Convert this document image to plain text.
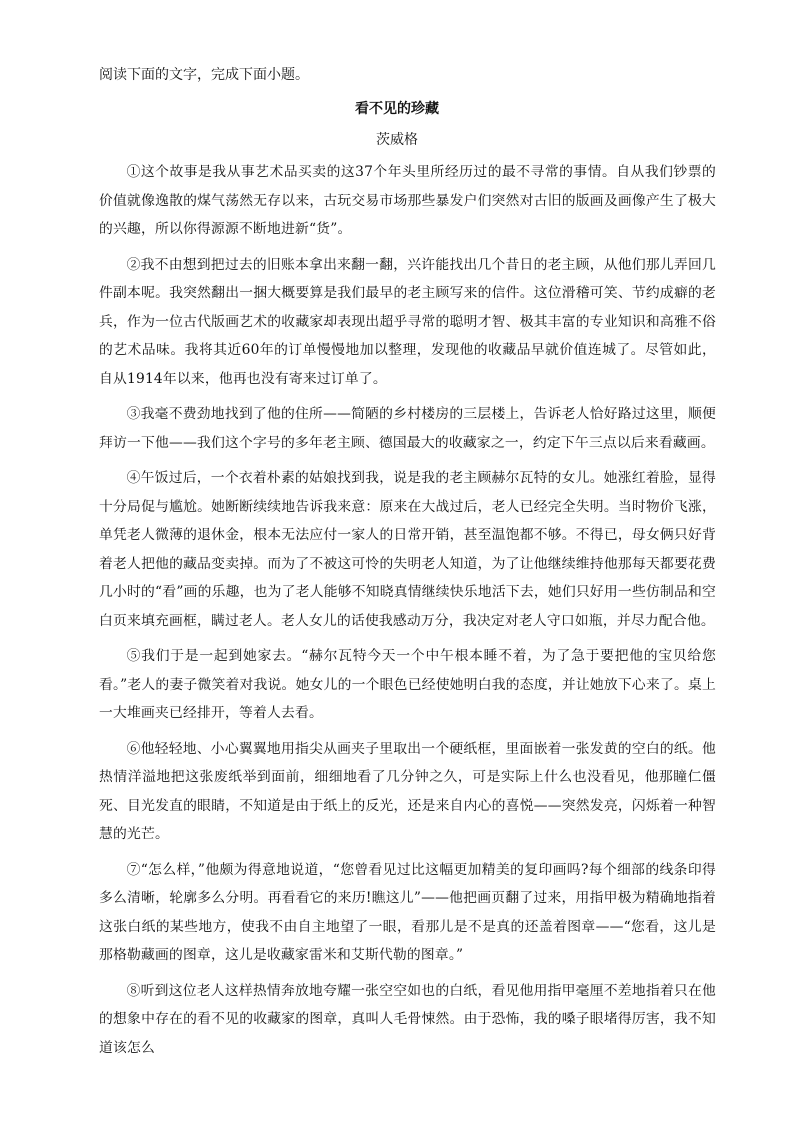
阅读下面的文字，完成下面小题。
看不见的珍藏
茨威格

①这个故事是我从事艺术品买卖的这37个年头里所经历过的最不寻常的事情。自从我们钞票的价值就像逸散的煤气荡然无存以来，古玩交易市场那些暴发户们突然对古旧的版画及画像产生了极大的兴趣，所以你得源源不断地进新“货”。

②我不由想到把过去的旧账本拿出来翻一翻，兴许能找出几个昔日的老主顾，从他们那儿弄回几件副本呢。我突然翻出一捆大概要算是我们最早的老主顾写来的信件。这位滑稽可笑、节约成癖的老兵，作为一位古代版画艺术的收藏家却表现出超乎寻常的聪明才智、极其丰富的专业知识和高雅不俗的艺术品味。我将其近60年的订单慢慢地加以整理，发现他的收藏品早就价值连城了。尽管如此，自从1914年以来，他再也没有寄来过订单了。

③我毫不费劲地找到了他的住所——简陋的乡村楼房的三层楼上，告诉老人恰好路过这里，顺便拜访一下他——我们这个字号的多年老主顾、德国最大的收藏家之一，约定下午三点以后来看藏画。

④午饭过后，一个衣着朴素的姑娘找到我，说是我的老主顾赫尔瓦特的女儿。她涨红着脸，显得十分局促与尴尬。她断断续续地告诉我来意：原来在大战过后，老人已经完全失明。当时物价飞涨，单凭老人微薄的退休金，根本无法应付一家人的日常开销，甚至温饱都不够。不得已，母女俩只好背着老人把他的藏品变卖掉。而为了不被这可怜的失明老人知道，为了让他继续维持他那每天都要花费几小时的“看”画的乐趣，也为了老人能够不知晓真情继续快乐地活下去，她们只好用一些仿制品和空白页来填充画框，瞒过老人。老人女儿的话使我感动万分，我决定对老人守口如瓶，并尽力配合他。

⑤我们于是一起到她家去。“赫尔瓦特今天一个中午根本睡不着，为了急于要把他的宝贝给您看。”老人的妻子微笑着对我说。她女儿的一个眼色已经使她明白我的态度，并让她放下心来了。桌上一大堆画夹已经排开，等着人去看。

⑥他轻轻地、小心翼翼地用指尖从画夹子里取出一个硬纸框，里面嵌着一张发黄的空白的纸。他热情洋溢地把这张废纸举到面前，细细地看了几分钟之久，可是实际上什么也没看见，他那瞳仁僵死、目光发直的眼睛，不知道是由于纸上的反光，还是来自内心的喜悦——突然发亮，闪烁着一种智慧的光芒。

⑦“怎么样，”他颇为得意地说道，“您曾看见过比这幅更加精美的复印画吗?每个细部的线条印得多么清晰，轮廓多么分明。再看看它的来历!瞧这儿”——他把画页翻了过来，用指甲极为精确地指着这张白纸的某些地方，使我不由自主地望了一眼，看那儿是不是真的还盖着图章——“您看，这儿是那格勒藏画的图章，这儿是收藏家雷米和艾斯代勒的图章。”

⑧听到这位老人这样热情奔放地夸耀一张空空如也的白纸，看见他用指甲毫厘不差地指着只在他的想象中存在的看不见的收藏家的图章，真叫人毛骨悚然。由于恐怖，我的嗓子眼堵得厉害，我不知道该怎么
